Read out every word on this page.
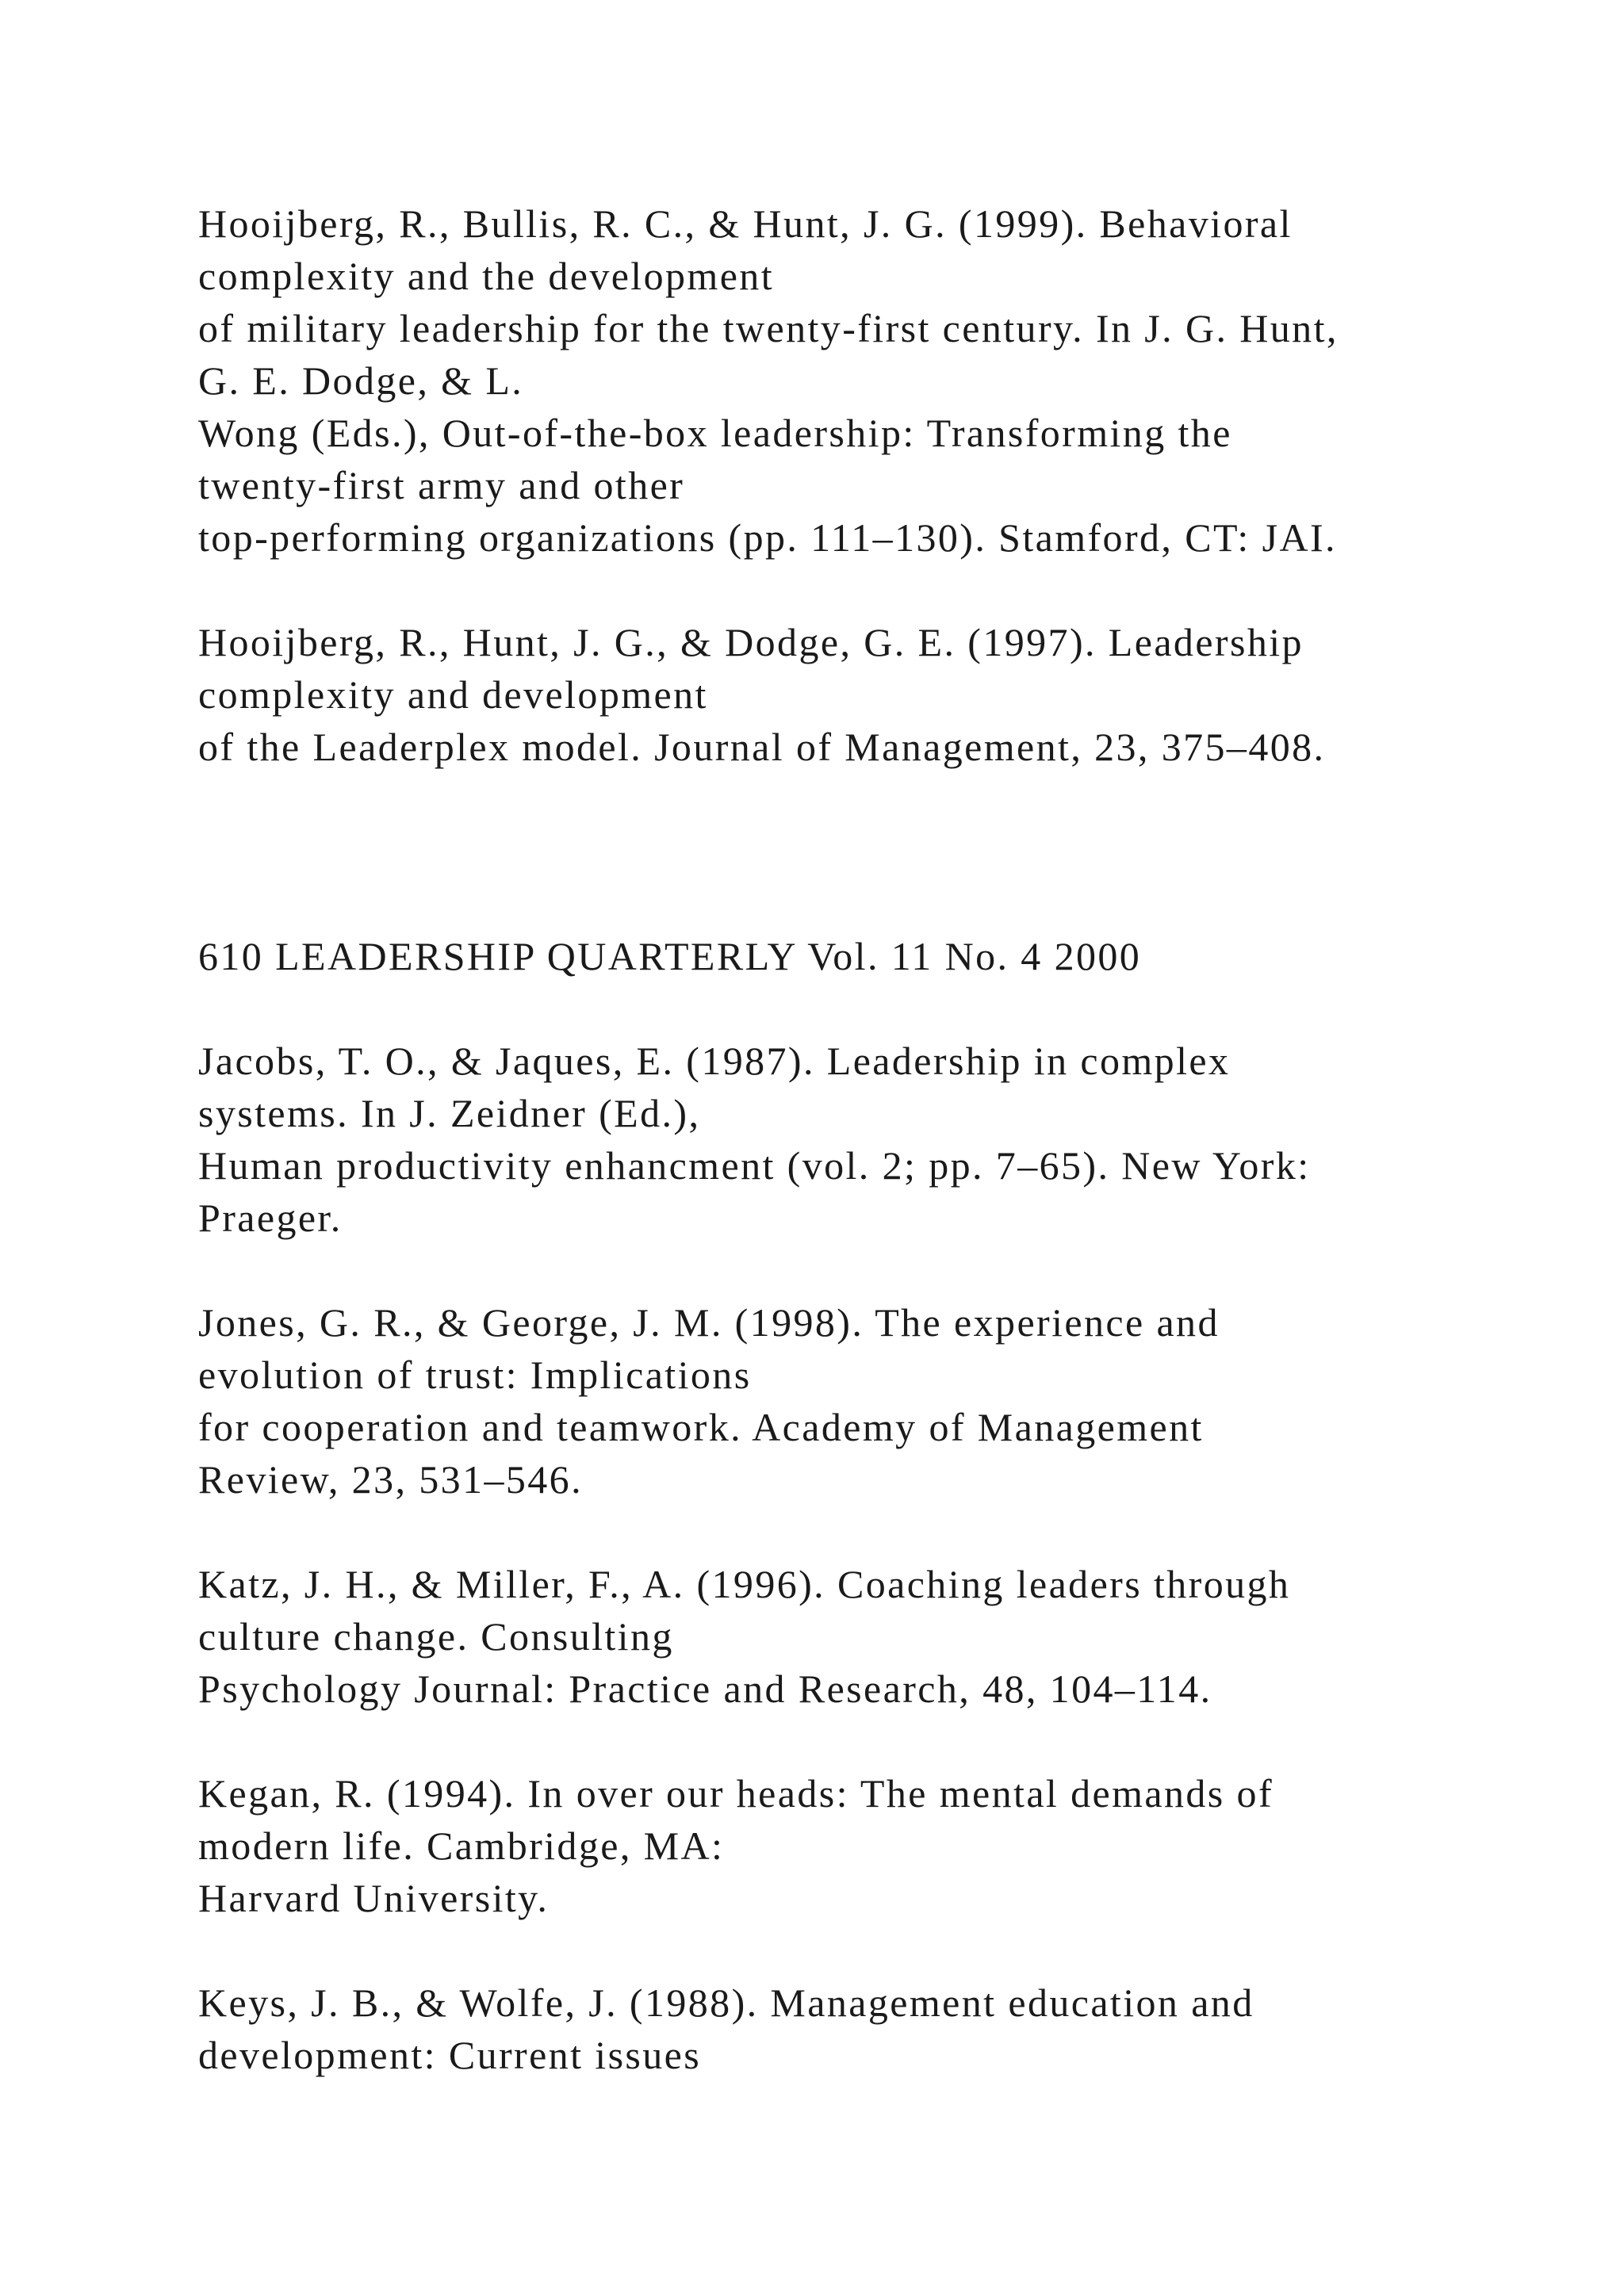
Hooijberg, R., Bullis, R. C., & Hunt, J. G. (1999). Behavioral
complexity and the development
of military leadership for the twenty-first century. In J. G. Hunt,
G. E. Dodge, & L.
Wong (Eds.), Out-of-the-box leadership: Transforming the
twenty-first army and other
top-performing organizations (pp. 111–130). Stamford, CT: JAI.
Hooijberg, R., Hunt, J. G., & Dodge, G. E. (1997). Leadership
complexity and development
of the Leaderplex model. Journal of Management, 23, 375–408.
610 LEADERSHIP QUARTERLY Vol. 11 No. 4 2000
Jacobs, T. O., & Jaques, E. (1987). Leadership in complex
systems. In J. Zeidner (Ed.),
Human productivity enhancment (vol. 2; pp. 7–65). New York:
Praeger.
Jones, G. R., & George, J. M. (1998). The experience and
evolution of trust: Implications
for cooperation and teamwork. Academy of Management
Review, 23, 531–546.
Katz, J. H., & Miller, F., A. (1996). Coaching leaders through
culture change. Consulting
Psychology Journal: Practice and Research, 48, 104–114.
Kegan, R. (1994). In over our heads: The mental demands of
modern life. Cambridge, MA:
Harvard University.
Keys, J. B., & Wolfe, J. (1988). Management education and
development: Current issues
